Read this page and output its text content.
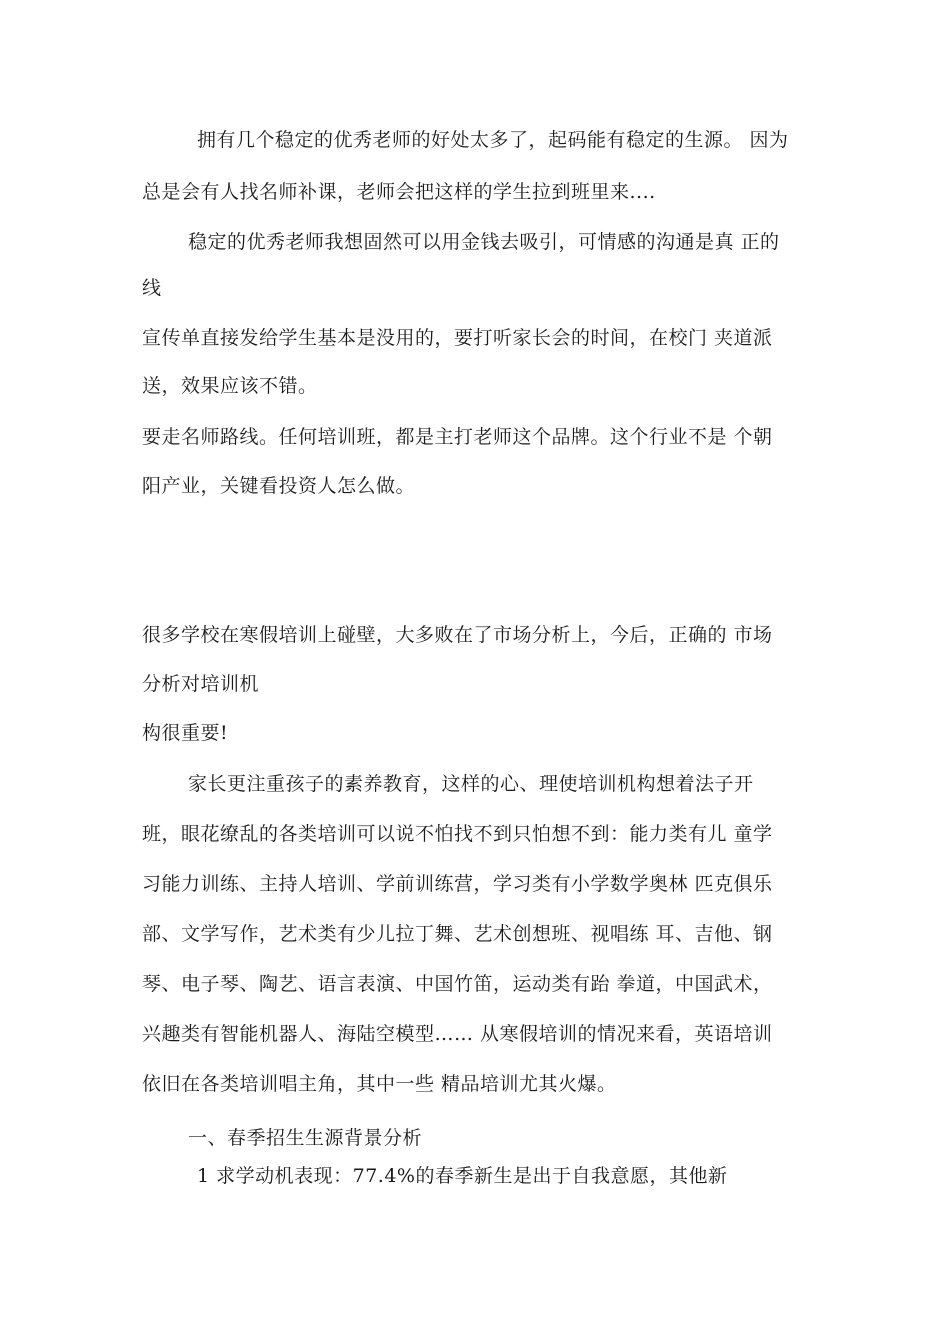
拥有几个稳定的优秀老师的好处太多了，起码能有稳定的生源。 因为
总是会有人找名师补课，老师会把这样的学生拉到班里来....
稳定的优秀老师我想固然可以用金钱去吸引，可情感的沟通是真 正的
线
宣传单直接发给学生基本是没用的，要打听家长会的时间，在校门 夹道派
送，效果应该不错。
要走名师路线。任何培训班，都是主打老师这个品牌。这个行业不是 个朝
阳产业，关键看投资人怎么做。
很多学校在寒假培训上碰壁，大多败在了市场分析上，今后，正确的 市场
分析对培训机
构很重要!
家长更注重孩子的素养教育，这样的心、理使培训机构想着法子开
班，眼花缭乱的各类培训可以说不怕找不到只怕想不到：能力类有儿 童学
习能力训练、主持人培训、学前训练营，学习类有小学数学奥林 匹克俱乐
部、文学写作，艺术类有少儿拉丁舞、艺术创想班、视唱练 耳、吉他、钢
琴、电子琴、陶艺、语言表演、中国竹笛，运动类有跆 拳道，中国武术，
兴趣类有智能机器人、海陆空模型…… 从寒假培训的情况来看，英语培训
依旧在各类培训唱主角，其中一些 精品培训尤其火爆。
一、春季招生生源背景分析
1 求学动机表现：77.4%的春季新生是出于自我意愿，其他新
